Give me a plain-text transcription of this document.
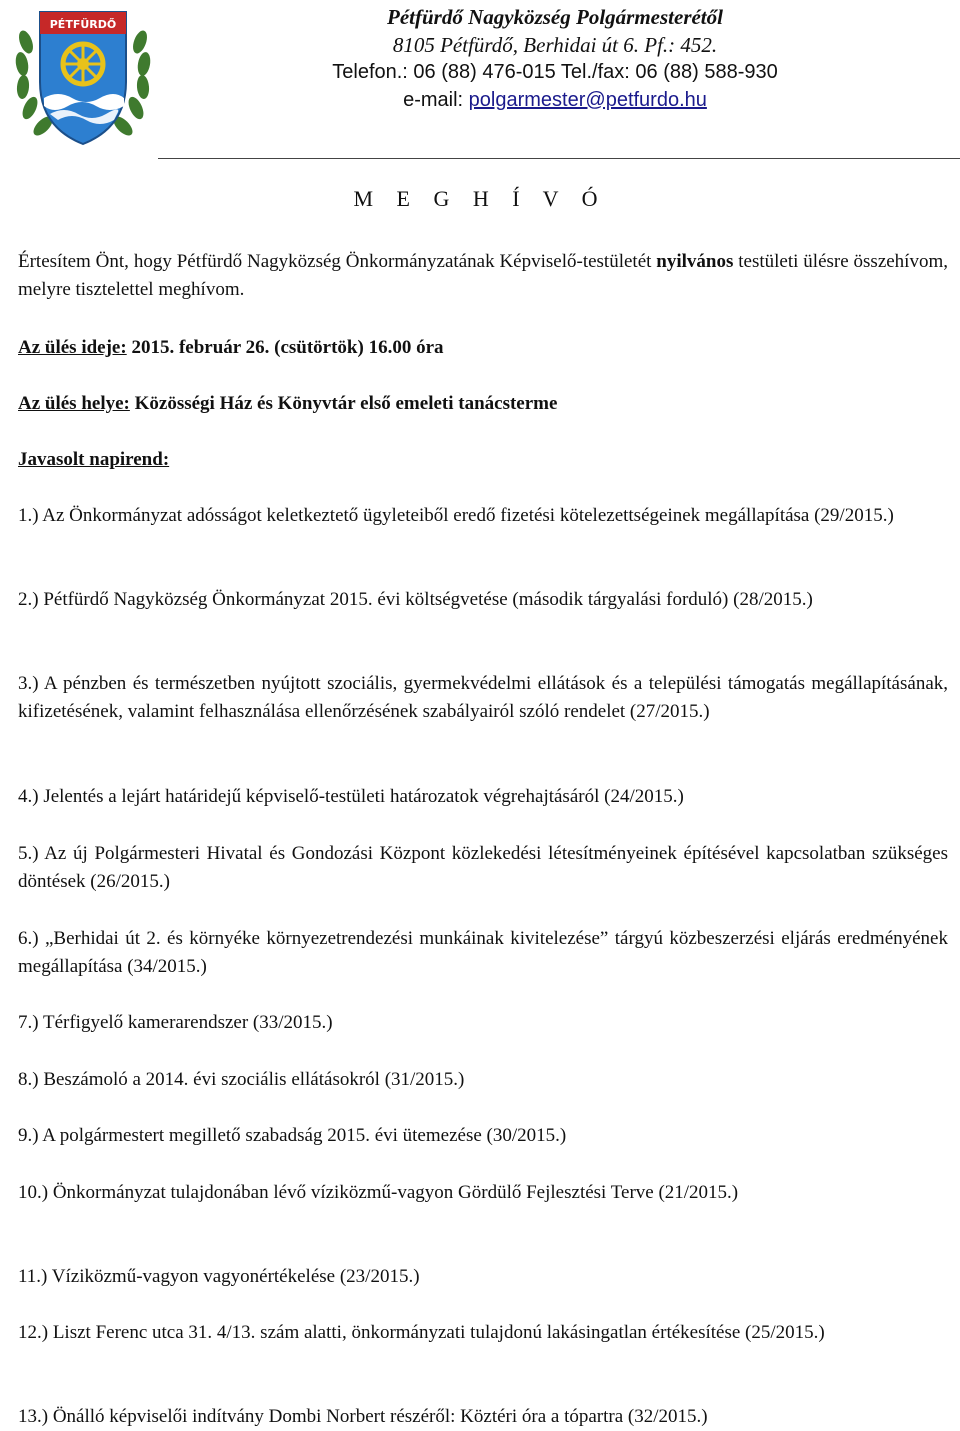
PÉTFÜRDŐ	Pétfürdő Nagyközség Polgármesterétől
8105 Pétfürdő, Berhidai út 6. Pf.: 452.
Telefon.: 06 (88) 476-015 Tel./fax: 06 (88) 588-930
e-mail: polgarmester@petfurdo.hu
M E G H Í V Ó

Értesítem Önt, hogy Pétfürdő Nagyközség Önkormányzatának Képviselő-testületét nyilvános testületi ülésre összehívom, melyre tisztelettel meghívom.

Az ülés ideje: 2015. február 26. (csütörtök) 16.00 óra

Az ülés helye: Közösségi Ház és Könyvtár első emeleti tanácsterme

Javasolt napirend:

1.) Az Önkormányzat adósságot keletkeztető ügyleteiből eredő fizetési kötelezettségeinek megállapítása (29/2015.)
2.) Pétfürdő Nagyközség Önkormányzat 2015. évi költségvetése (második tárgyalási forduló) (28/2015.)
3.) A pénzben és természetben nyújtott szociális, gyermekvédelmi ellátások és a települési támogatás megállapításának, kifizetésének, valamint felhasználása ellenőrzésének szabályairól szóló rendelet (27/2015.)
4.) Jelentés a lejárt határidejű képviselő-testületi határozatok végrehajtásáról (24/2015.)
5.) Az új Polgármesteri Hivatal és Gondozási Központ közlekedési létesítményeinek építésével kapcsolatban szükséges döntések (26/2015.)
6.) „Berhidai út 2. és környéke környezetrendezési munkáinak kivitelezése” tárgyú közbeszerzési eljárás eredményének megállapítása (34/2015.)
7.) Térfigyelő kamerarendszer (33/2015.)
8.) Beszámoló a 2014. évi szociális ellátásokról (31/2015.)
9.) A polgármestert megillető szabadság 2015. évi ütemezése (30/2015.)
10.) Önkormányzat tulajdonában lévő víziközmű-vagyon Gördülő Fejlesztési Terve (21/2015.)
11.) Víziközmű-vagyon vagyonértékelése (23/2015.)
12.) Liszt Ferenc utca 31. 4/13. szám alatti, önkormányzati tulajdonú lakásingatlan értékesítése (25/2015.)
13.) Önálló képviselői indítvány Dombi Norbert részéről: Köztéri óra a tópartra (32/2015.)
